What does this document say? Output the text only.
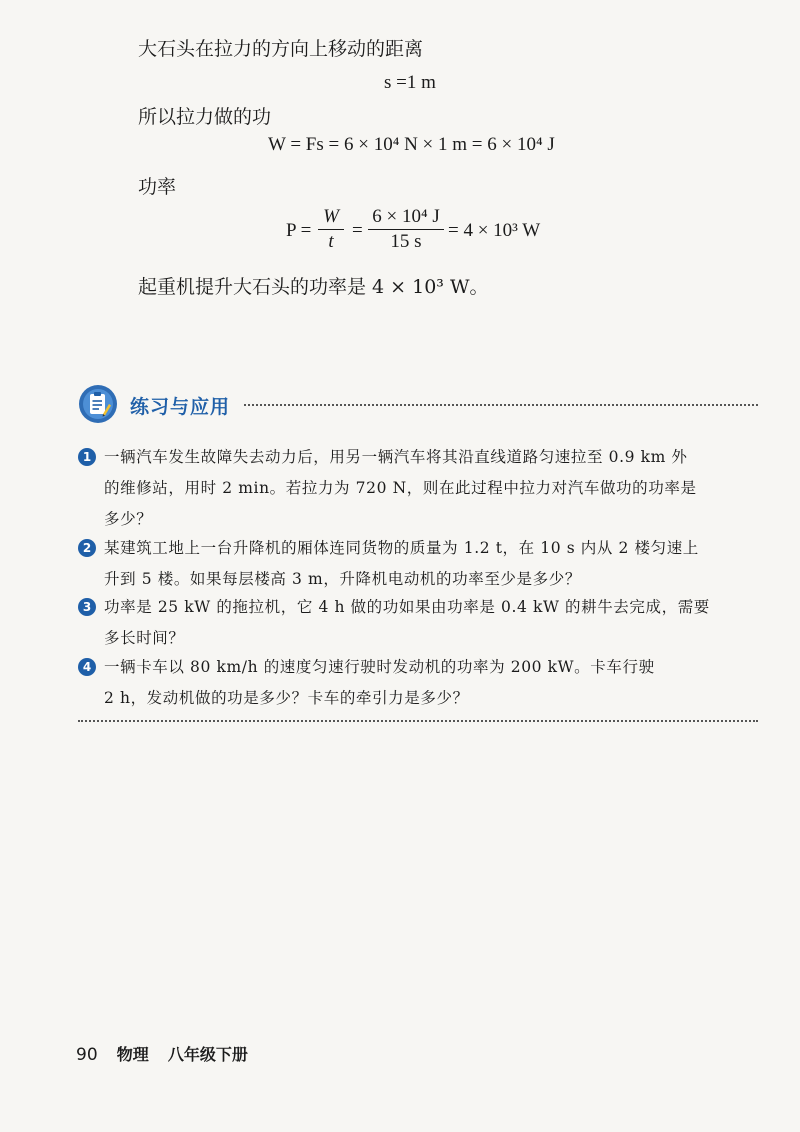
大石头在拉力的方向上移动的距离
s =1 m
所以拉力做的功
W = Fs = 6 × 10⁴ N × 1 m = 6 × 10⁴ J
功率
P =
W
t
=
6 × 10⁴ J
15 s
= 4 × 10³ W
起重机提升大石头的功率是 4 × 10³ W。
练习与应用
1 一辆汽车发生故障失去动力后，用另一辆汽车将其沿直线道路匀速拉至 0.9 km 外
的维修站，用时 2 min。若拉力为 720 N，则在此过程中拉力对汽车做功的功率是
多少？
2 某建筑工地上一台升降机的厢体连同货物的质量为 1.2 t，在 10 s 内从 2 楼匀速上
升到 5 楼。如果每层楼高 3 m，升降机电动机的功率至少是多少？
3 功率是 25 kW 的拖拉机，它 4 h 做的功如果由功率是 0.4 kW 的耕牛去完成，需要
多长时间？
4 一辆卡车以 80 km/h 的速度匀速行驶时发动机的功率为 200 kW。卡车行驶
2 h，发动机做的功是多少？卡车的牵引力是多少？
90 物理 八年级下册
